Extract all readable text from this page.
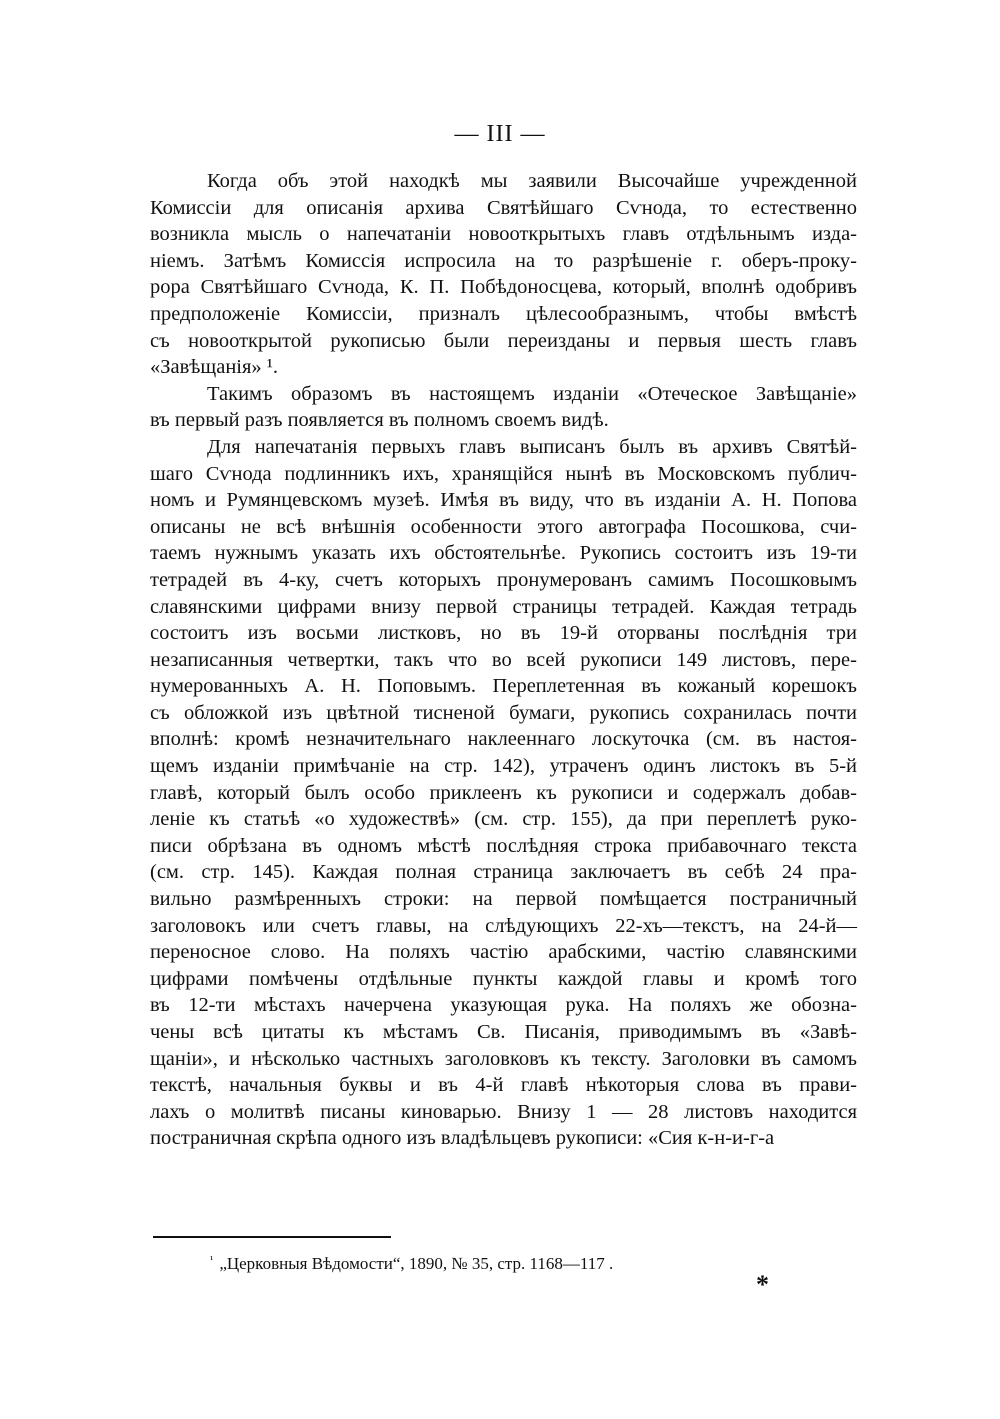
— III —
Когда объ этой находкѣ мы заявили Высочайше учрежденной
Комиссіи для описанія архива Святѣйшаго Сѵнода, то естественно
возникла мысль о напечатаніи новооткрытыхъ главъ отдѣльнымъ изда-
ніемъ. Затѣмъ Комиссія испросила на то разрѣшеніе г. оберъ-проку-
рора Святѣйшаго Сѵнода, К. П. Побѣдоносцева, который, вполнѣ одобривъ
предположеніе Комиссіи, призналъ цѣлесообразнымъ, чтобы вмѣстѣ
съ новооткрытой рукописью были переизданы и первыя шесть главъ
«Завѣщанія» ¹.
Такимъ образомъ въ настоящемъ изданіи «Отеческое Завѣщаніе»
въ первый разъ появляется въ полномъ своемъ видѣ.
Для напечатанія первыхъ главъ выписанъ былъ въ архивъ Святѣй-
шаго Сѵнода подлинникъ ихъ, хранящійся нынѣ въ Московскомъ публич-
номъ и Румянцевскомъ музеѣ. Имѣя въ виду, что въ изданіи А. Н. Попова
описаны не всѣ внѣшнія особенности этого автографа Посошкова, счи-
таемъ нужнымъ указать ихъ обстоятельнѣе. Рукопись состоитъ изъ 19-ти
тетрадей въ 4-ку, счетъ которыхъ пронумерованъ самимъ Посошковымъ
славянскими цифрами внизу первой страницы тетрадей. Каждая тетрадь
состоитъ изъ восьми листковъ, но въ 19-й оторваны послѣднія три
незаписанныя четвертки, такъ что во всей рукописи 149 листовъ, пере-
нумерованныхъ А. Н. Поповымъ. Переплетенная въ кожаный корешокъ
съ обложкой изъ цвѣтной тисненой бумаги, рукопись сохранилась почти
вполнѣ: кромѣ незначительнаго наклееннаго лоскуточка (см. въ настоя-
щемъ изданіи примѣчаніе на стр. 142), утраченъ одинъ листокъ въ 5-й
главѣ, который былъ особо приклеенъ къ рукописи и содержалъ добав-
леніе къ статьѣ «о художествѣ» (см. стр. 155), да при переплетѣ руко-
писи обрѣзана въ одномъ мѣстѣ послѣдняя строка прибавочнаго текста
(см. стр. 145). Каждая полная страница заключаетъ въ себѣ 24 пра-
вильно размѣренныхъ строки: на первой помѣщается постраничный
заголовокъ или счетъ главы, на слѣдующихъ 22-хъ—текстъ, на 24-й—
переносное слово. На поляхъ частію арабскими, частію славянскими
цифрами помѣчены отдѣльные пункты каждой главы и кромѣ того
въ 12-ти мѣстахъ начерчена указующая рука. На поляхъ же обозна-
чены всѣ цитаты къ мѣстамъ Св. Писанія, приводимымъ въ «Завѣ-
щаніи», и нѣсколько частныхъ заголовковъ къ тексту. Заголовки въ самомъ
текстѣ, начальныя буквы и въ 4-й главѣ нѣкоторыя слова въ прави-
лахъ о молитвѣ писаны киноварью. Внизу 1 — 28 листовъ находится
постраничная скрѣпа одного изъ владѣльцевъ рукописи: «Сия к-н-и-г-а
$^{^1}$ „Церковныя Вѣдомости“, 1890, № 35, стр. 1168—117 .
*
